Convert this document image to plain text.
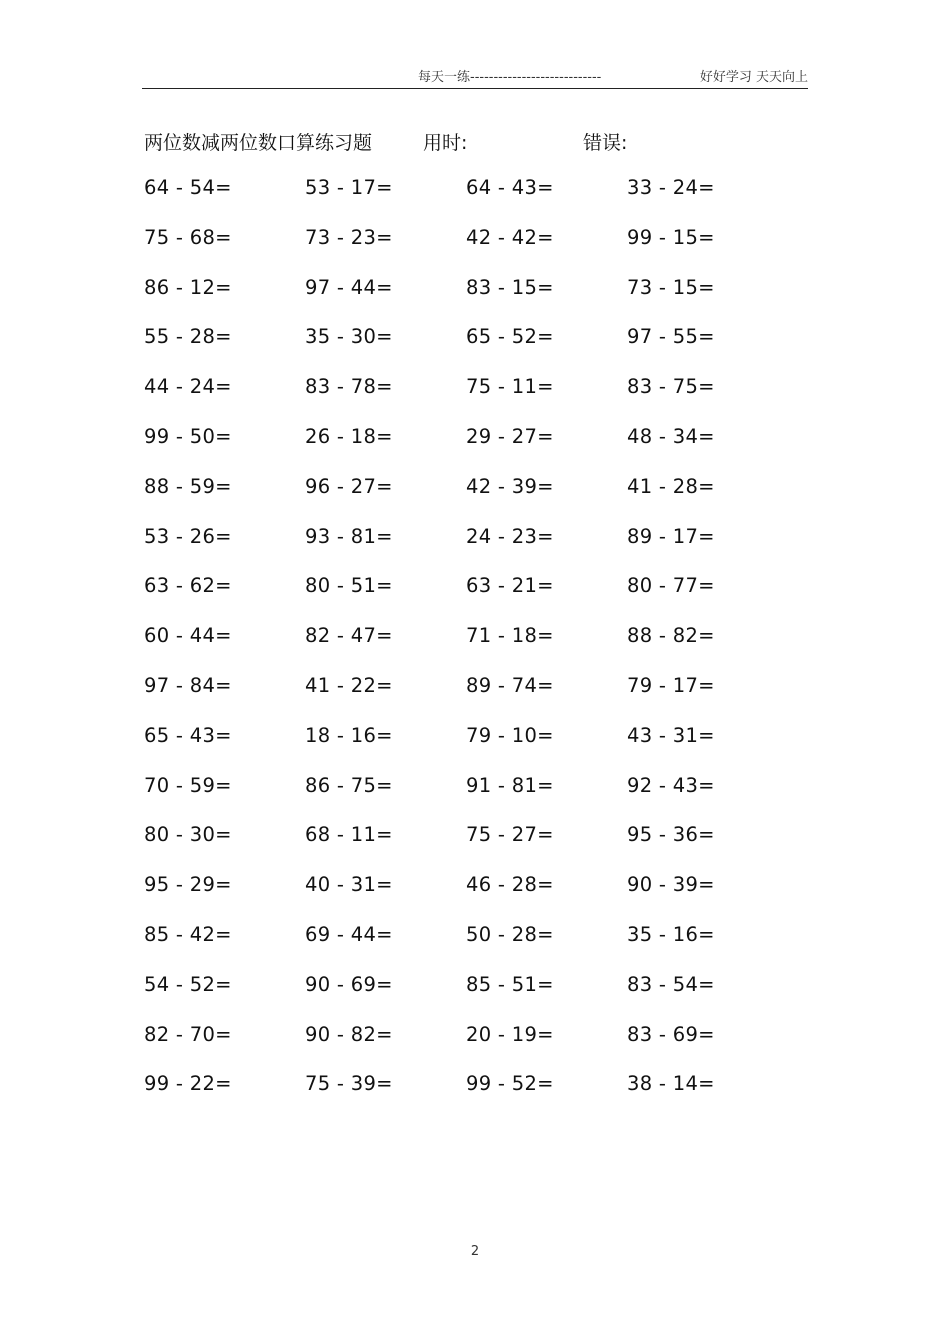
每天一练----------------------------	好好学习 天天向上
两位数减两位数口算练习题	用时:	错误:
64 - 54=	53 - 17=	64 - 43=	33 - 24=
75 - 68=	73 - 23=	42 - 42=	99 - 15=
86 - 12=	97 - 44=	83 - 15=	73 - 15=
55 - 28=	35 - 30=	65 - 52=	97 - 55=
44 - 24=	83 - 78=	75 - 11=	83 - 75=
99 - 50=	26 - 18=	29 - 27=	48 - 34=
88 - 59=	96 - 27=	42 - 39=	41 - 28=
53 - 26=	93 - 81=	24 - 23=	89 - 17=
63 - 62=	80 - 51=	63 - 21=	80 - 77=
60 - 44=	82 - 47=	71 - 18=	88 - 82=
97 - 84=	41 - 22=	89 - 74=	79 - 17=
65 - 43=	18 - 16=	79 - 10=	43 - 31=
70 - 59=	86 - 75=	91 - 81=	92 - 43=
80 - 30=	68 - 11=	75 - 27=	95 - 36=
95 - 29=	40 - 31=	46 - 28=	90 - 39=
85 - 42=	69 - 44=	50 - 28=	35 - 16=
54 - 52=	90 - 69=	85 - 51=	83 - 54=
82 - 70=	90 - 82=	20 - 19=	83 - 69=
99 - 22=	75 - 39=	99 - 52=	38 - 14=
2
